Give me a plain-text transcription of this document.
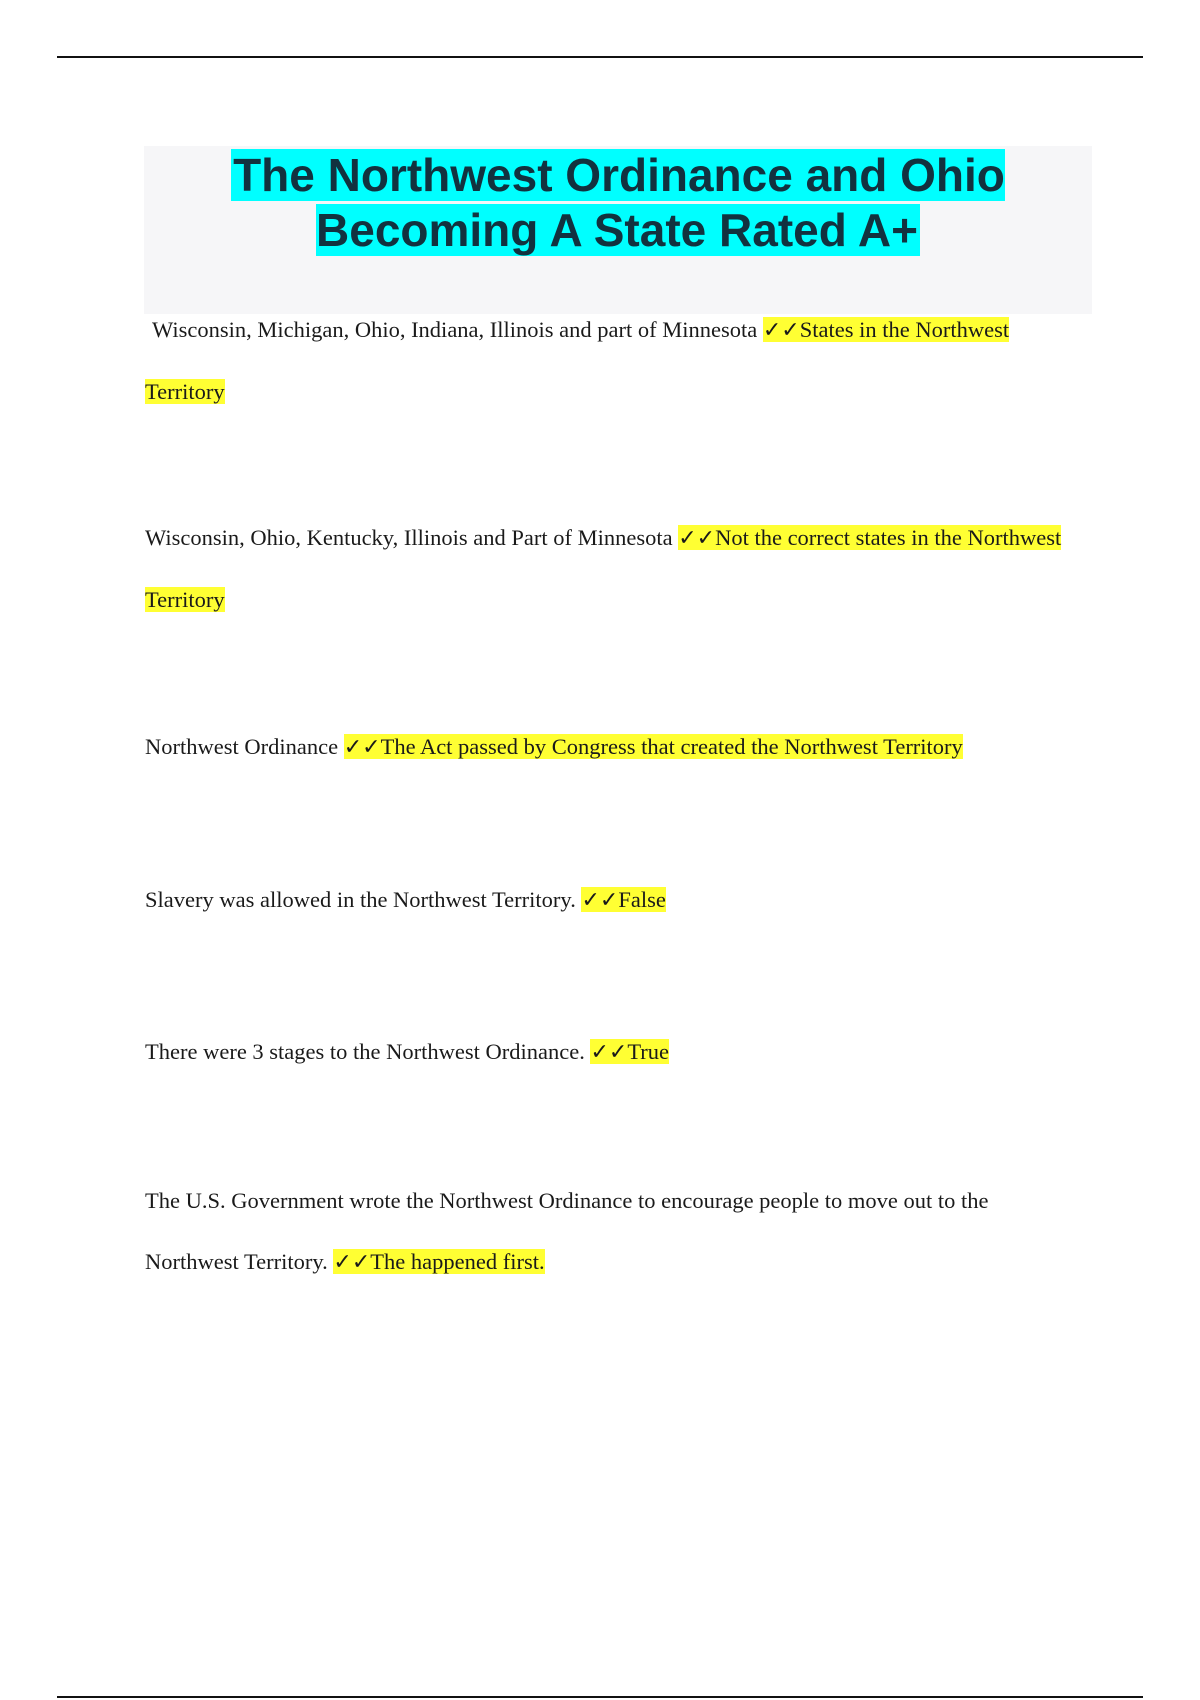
The Northwest Ordinance and Ohio Becoming A State Rated A+

Wisconsin, Michigan, Ohio, Indiana, Illinois and part of Minnesota ✓✓States in the Northwest Territory

Wisconsin, Ohio, Kentucky, Illinois and Part of Minnesota ✓✓Not the correct states in the Northwest Territory

Northwest Ordinance ✓✓The Act passed by Congress that created the Northwest Territory

Slavery was allowed in the Northwest Territory. ✓✓False

There were 3 stages to the Northwest Ordinance. ✓✓True

The U.S. Government wrote the Northwest Ordinance to encourage people to move out to the Northwest Territory. ✓✓The happened first.
